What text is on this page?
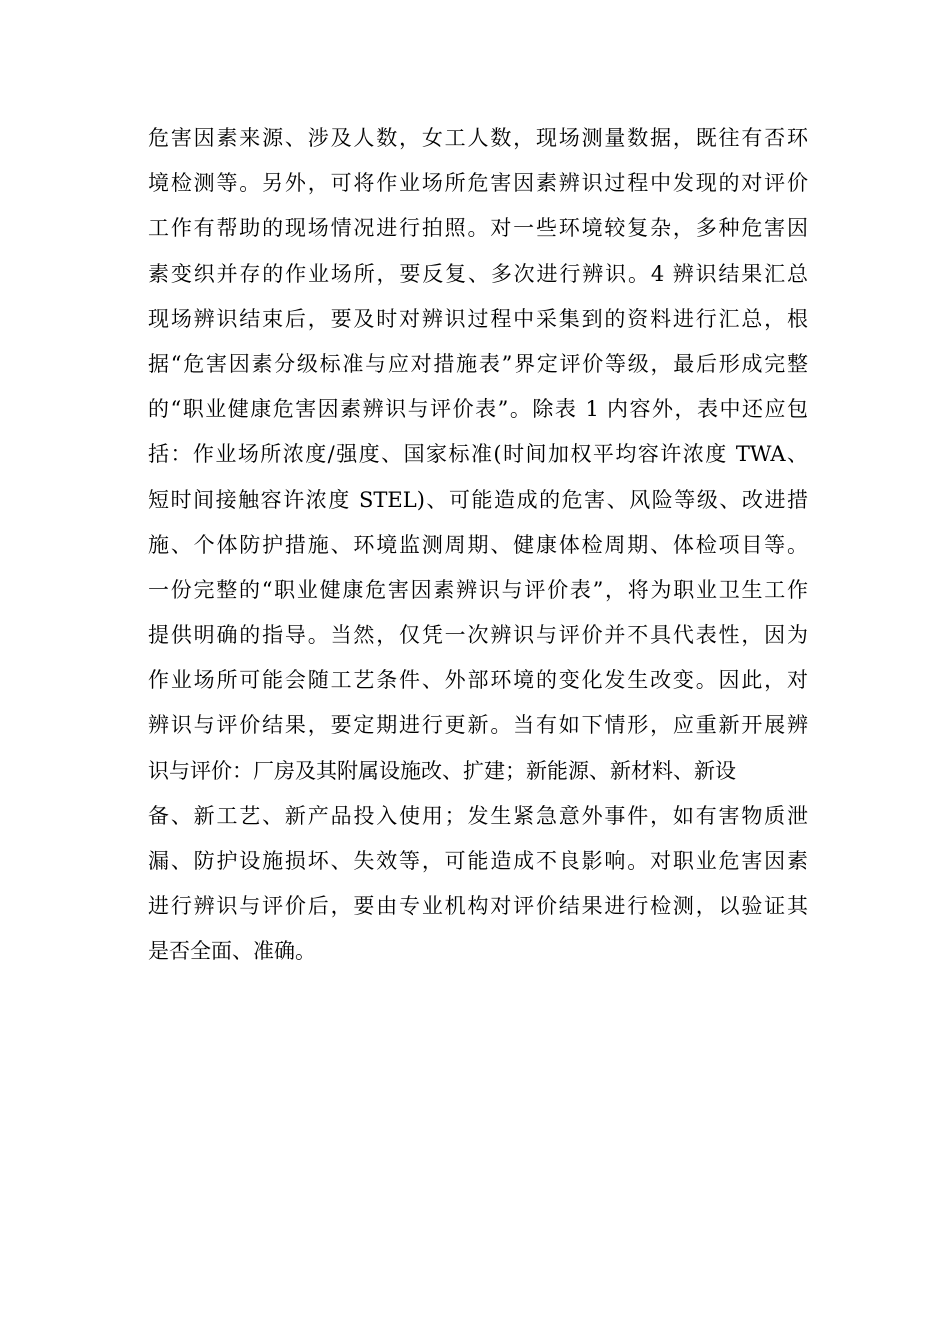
危害因素来源、涉及人数，女工人数，现场测量数据，既往有否环
境检测等。另外，可将作业场所危害因素辨识过程中发现的对评价
工作有帮助的现场情况进行拍照。对一些环境较复杂，多种危害因
素变织并存的作业场所，要反复、多次进行辨识。4 辨识结果汇总
现场辨识结束后，要及时对辨识过程中采集到的资料进行汇总，根
据“危害因素分级标准与应对措施表”界定评价等级，最后形成完整
的“职业健康危害因素辨识与评价表”。除表 1 内容外，表中还应包
括：作业场所浓度/强度、国家标准(时间加权平均容许浓度 TWA、
短时间接触容许浓度 STEL)、可能造成的危害、风险等级、改进措
施、个体防护措施、环境监测周期、健康体检周期、体检项目等。
一份完整的“职业健康危害因素辨识与评价表”，将为职业卫生工作
提供明确的指导。当然，仅凭一次辨识与评价并不具代表性，因为
作业场所可能会随工艺条件、外部环境的变化发生改变。因此，对
辨识与评价结果，要定期进行更新。当有如下情形，应重新开展辨
识与评价：厂房及其附属设施改、扩建；新能源、新材料、新设
备、新工艺、新产品投入使用；发生紧急意外事件，如有害物质泄
漏、防护设施损坏、失效等，可能造成不良影响。对职业危害因素
进行辨识与评价后，要由专业机构对评价结果进行检测，以验证其
是否全面、准确。
